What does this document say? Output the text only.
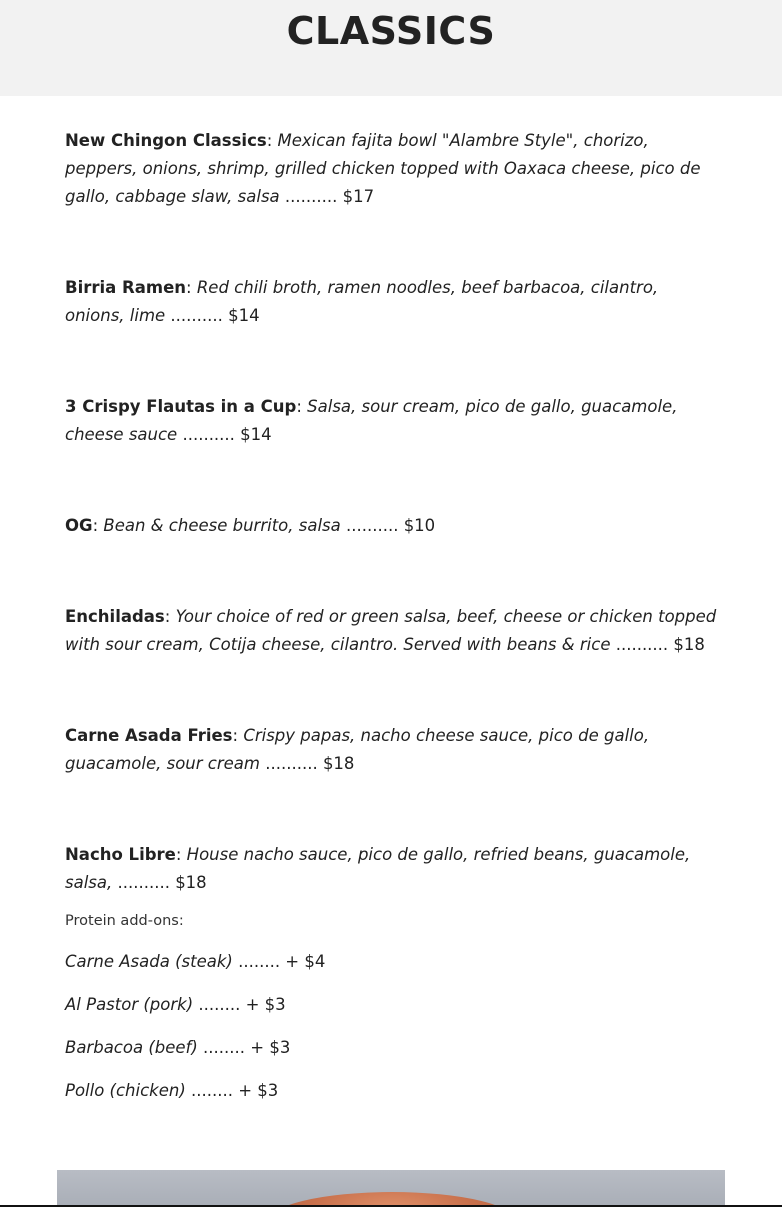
CLASSICS

New Chingon Classics: Mexican fajita bowl "Alambre Style", chorizo, peppers, onions, shrimp, grilled chicken topped with Oaxaca cheese, pico de gallo, cabbage slaw, salsa .......... $17

Birria Ramen: Red chili broth, ramen noodles, beef barbacoa, cilantro, onions, lime .......... $14

3 Crispy Flautas in a Cup: Salsa, sour cream, pico de gallo, guacamole, cheese sauce .......... $14

OG: Bean & cheese burrito, salsa .......... $10

Enchiladas: Your choice of red or green salsa, beef, cheese or chicken topped with sour cream, Cotija cheese, cilantro. Served with beans & rice .......... $18

Carne Asada Fries: Crispy papas, nacho cheese sauce, pico de gallo, guacamole, sour cream .......... $18

Nacho Libre: House nacho sauce, pico de gallo, refried beans, guacamole, salsa, .......... $18

Protein add-ons:

Carne Asada (steak) ........ + $4

Al Pastor (pork) ........ + $3

Barbacoa (beef) ........ + $3

Pollo (chicken) ........ + $3
